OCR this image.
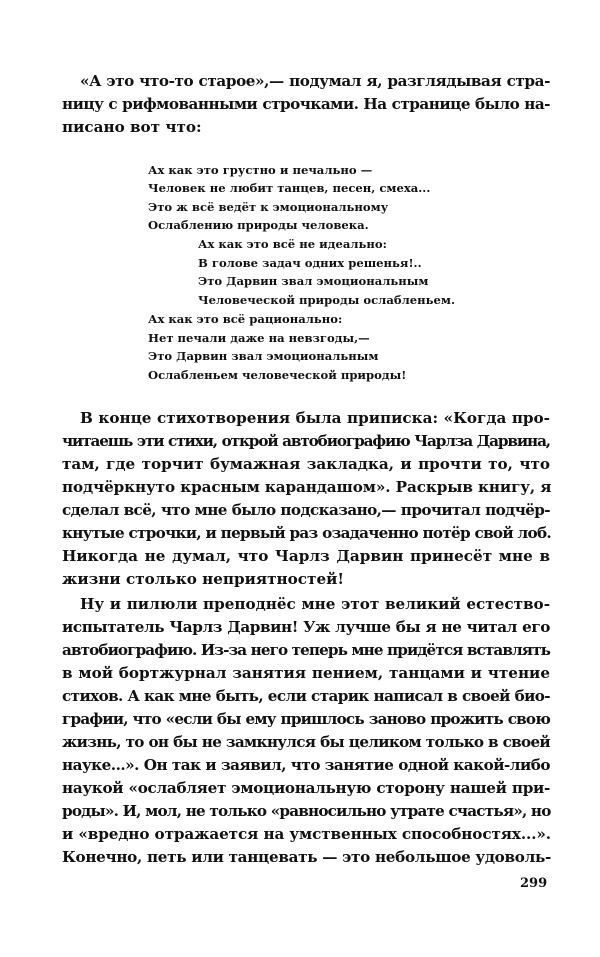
«А это что-то старое»,— подумал я, разглядывая стра-
ницу с рифмованными строчками. На странице было на-
писано вот что:
Ах как это грустно и печально —
Человек не любит танцев, песен, смеха...
Это ж всё ведёт к эмоциональному
Ослаблению природы человека.
Ах как это всё не идеально:
В голове задач одних решенья!..
Это Дарвин звал эмоциональным
Человеческой природы ослабленьем.
Ах как это всё рационально:
Нет печали даже на невзгоды,—
Это Дарвин звал эмоциональным
Ослабленьем человеческой природы!
В конце стихотворения была приписка: «Когда про-
читаешь эти стихи, открой автобиографию Чарлза Дарвина,
там, где торчит бумажная закладка, и прочти то, что
подчёркнуто красным карандашом». Раскрыв книгу, я
сделал всё, что мне было подсказано,— прочитал подчёр-
кнутые строчки, и первый раз озадаченно потёр свой лоб.
Никогда не думал, что Чарлз Дарвин принесёт мне в
жизни столько неприятностей!
Ну и пилюли преподнёс мне этот великий естество-
испытатель Чарлз Дарвин! Уж лучше бы я не читал его
автобиографию. Из-за него теперь мне придётся вставлять
в мой бортжурнал занятия пением, танцами и чтение
стихов. А как мне быть, если старик написал в своей био-
графии, что «если бы ему пришлось заново прожить свою
жизнь, то он бы не замкнулся бы целиком только в своей
науке...». Он так и заявил, что занятие одной какой-либо
наукой «ослабляет эмоциональную сторону нашей при-
роды». И, мол, не только «равносильно утрате счастья», но
и «вредно отражается на умственных способностях...».
Конечно, петь или танцевать — это небольшое удоволь-
299
